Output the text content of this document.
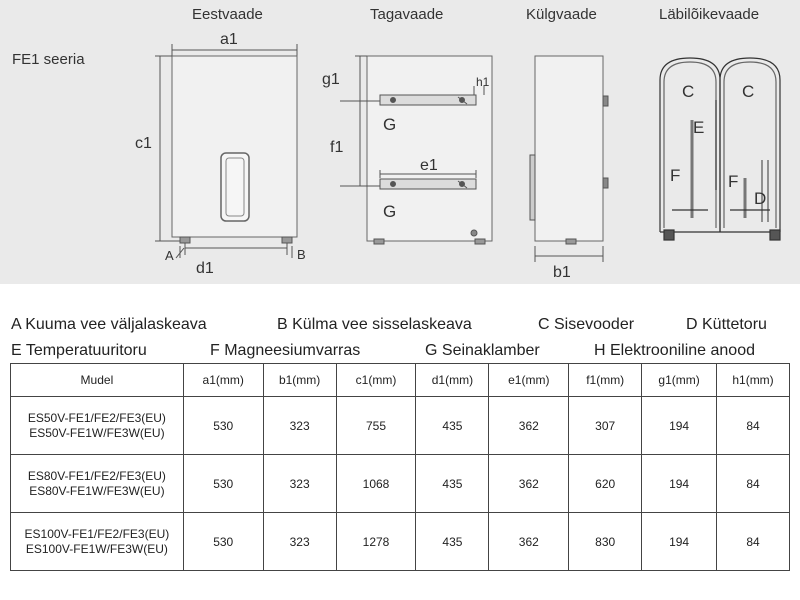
Eestvaade	Tagavaade	Külgvaade	Läbilõikevaade
FE1 seeria
a1
c1
d1
A	B
g1
f1
h1
e1
G
G
b1
C	C
E
F	F
D
A Kuuma vee väljalaskeava	B Külma vee sisselaskeava	C Sisevooder	D Küttetoru
E Temperatuuritoru	F Magneesiumvarras	G Seinaklamber	H Elektrooniline anood
Mudel	a1(mm)	b1(mm)	c1(mm)	d1(mm)	e1(mm)	f1(mm)	g1(mm)	h1(mm)
ES50V-FE1/FE2/FE3(EU)
ES50V-FE1W/FE3W(EU)	530	323	755	435	362	307	194	84
ES80V-FE1/FE2/FE3(EU)
ES80V-FE1W/FE3W(EU)	530	323	1068	435	362	620	194	84
ES100V-FE1/FE2/FE3(EU)
ES100V-FE1W/FE3W(EU)	530	323	1278	435	362	830	194	84
